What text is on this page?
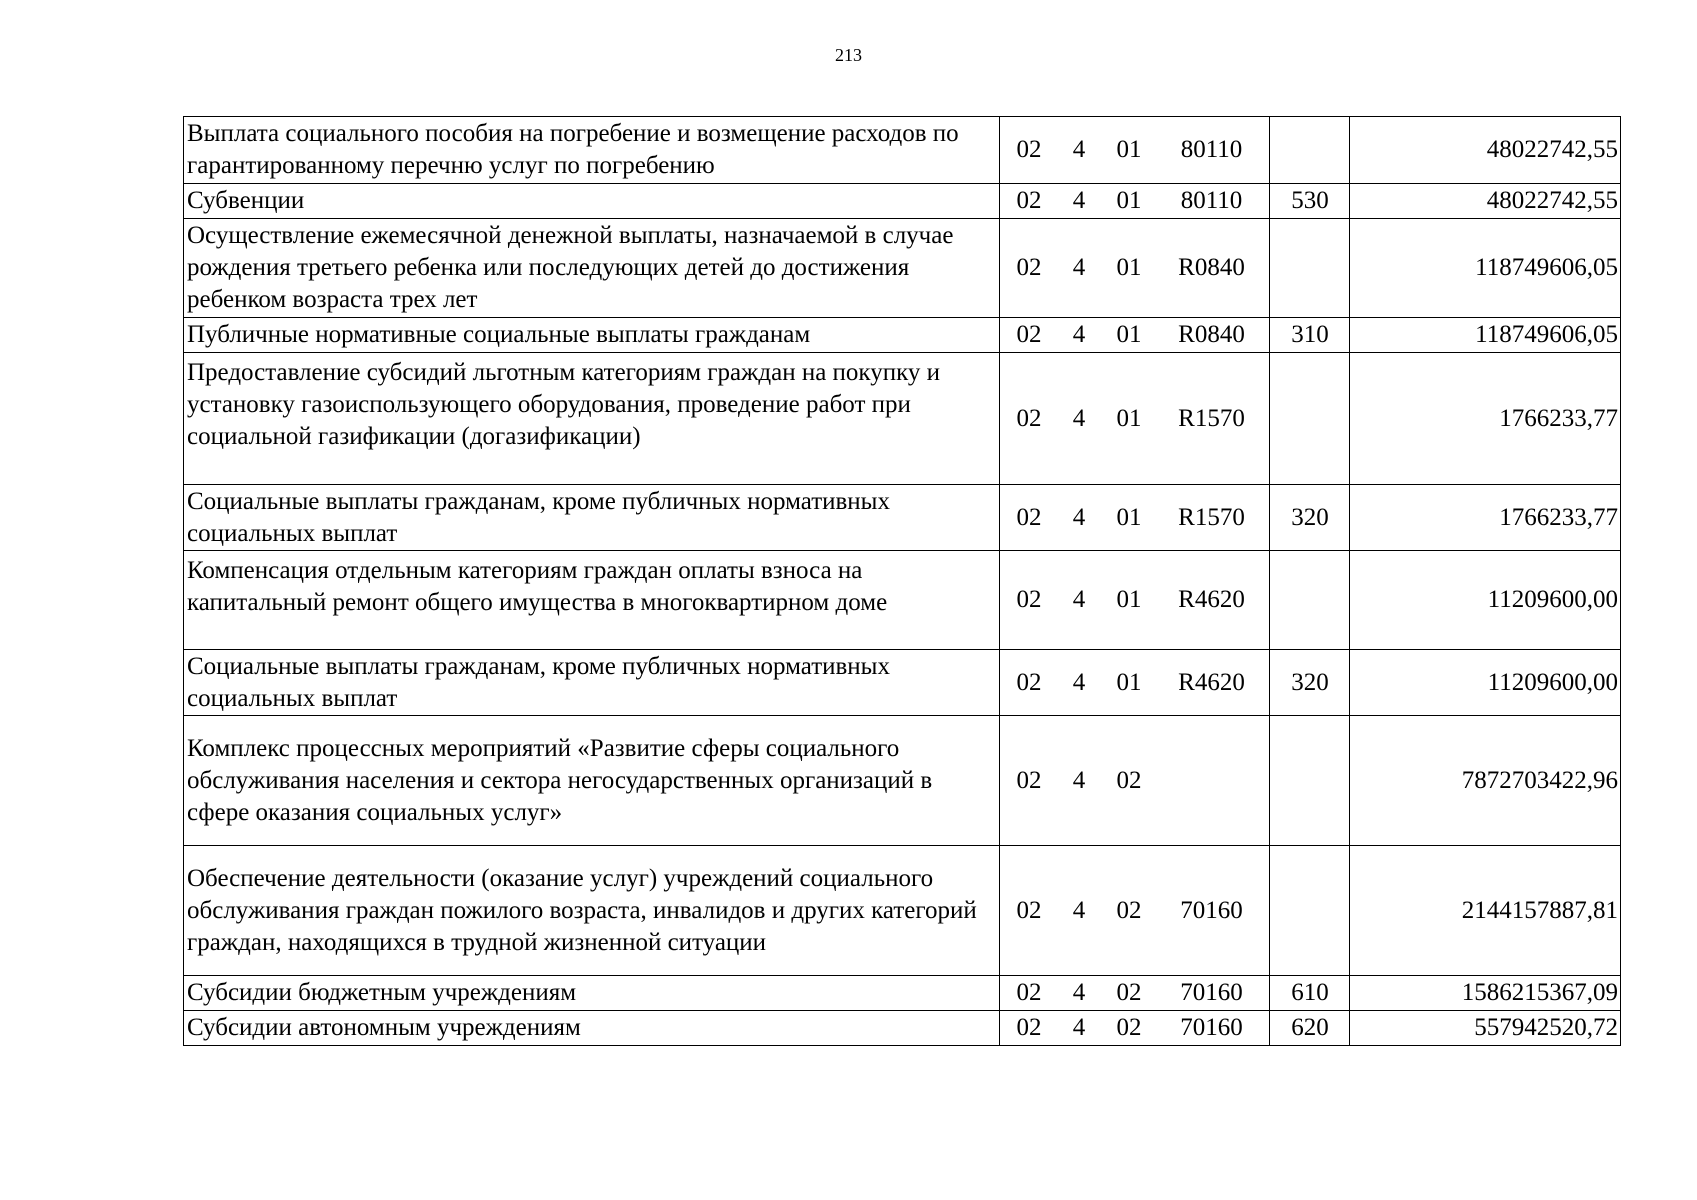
213
Выплата социального пособия на погребение и возмещение расходов по гарантированному перечню услуг по погребению	02 4 01 80110		48022742,55
Субвенции	02 4 01 80110	530	48022742,55
Осуществление ежемесячной денежной выплаты, назначаемой в случае рождения третьего ребенка или последующих детей до достижения ребенком возраста трех лет	02 4 01 R0840		118749606,05
Публичные нормативные социальные выплаты гражданам	02 4 01 R0840	310	118749606,05
Предоставление субсидий льготным категориям граждан на покупку и установку газоиспользующего оборудования, проведение работ при социальной газификации (догазификации)	02 4 01 R1570		1766233,77
Социальные выплаты гражданам, кроме публичных нормативных социальных выплат	02 4 01 R1570	320	1766233,77
Компенсация отдельным категориям граждан оплаты взноса на капитальный ремонт общего имущества в многоквартирном доме	02 4 01 R4620		11209600,00
Социальные выплаты гражданам, кроме публичных нормативных социальных выплат	02 4 01 R4620	320	11209600,00
Комплекс процессных мероприятий «Развитие сферы социального обслуживания населения и сектора негосударственных организаций в сфере оказания социальных услуг»	02 4 02		7872703422,96
Обеспечение деятельности (оказание услуг) учреждений социального обслуживания граждан пожилого возраста, инвалидов и других категорий граждан, находящихся в трудной жизненной ситуации	02 4 02 70160		2144157887,81
Субсидии бюджетным учреждениям	02 4 02 70160	610	1586215367,09
Субсидии автономным учреждениям	02 4 02 70160	620	557942520,72
